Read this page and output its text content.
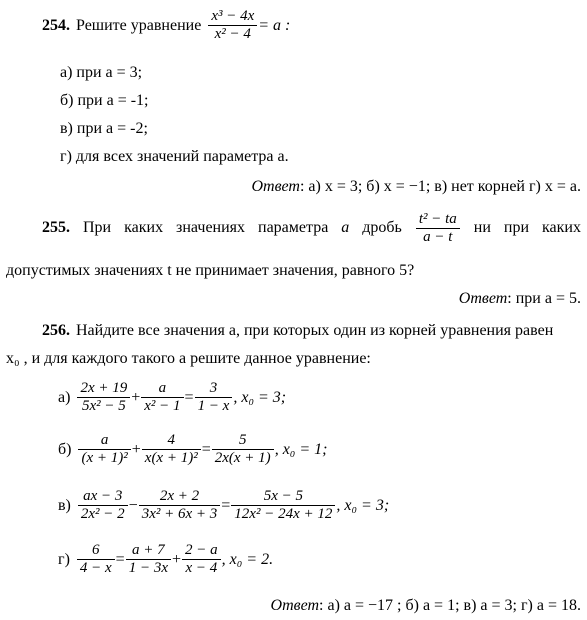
254. Решите уравнение $\frac{\text{x³ − 4x}}{\text{x² − 4}} = a$ :
а) при a = 3;
б) при a = -1;
в) при a = -2;
г) для всех значений параметра a.
Ответ: а) x = 3; б) x = −1; в) нет корней г) x = a.
255. При каких значениях параметра a дробь $\frac{\text{t² − ta}}{a - t}$ ни при каких
допустимых значениях t не принимает значения, равного 5?
Ответ: при a = 5.
256. Найдите все значения a, при которых один из корней уравнения равен
x₀ , и для каждого такого a решите данное уравнение:
$а) \frac{2x + 19}{\text{5x² − 5}} + \frac{a}{\text{x² − 1}} = \frac{3}{1 - x}$ , x₀ = 3;
$б) \frac{a}{\text{(x + 1)²}} + \frac{4}{\text{x(x + 1)²}} = \frac{5}{2x(x + 1)}$ , x₀ = 1;
$в) \frac{ax - 3}{\text{2x² − 2}} - \frac{2x + 2}{\text{3x² + 6x + 3}} = \frac{5x - 5}{\text{12x² − 24x + 12}}$ , x₀ = 3;
$г) \frac{6}{4 - x} = \frac{a + 7}{1 - 3x} + \frac{2 - a}{x - 4}$ , x₀ = 2.
Ответ: а) a = −17 ; б) a = 1; в) a = 3; г) a = 18.
